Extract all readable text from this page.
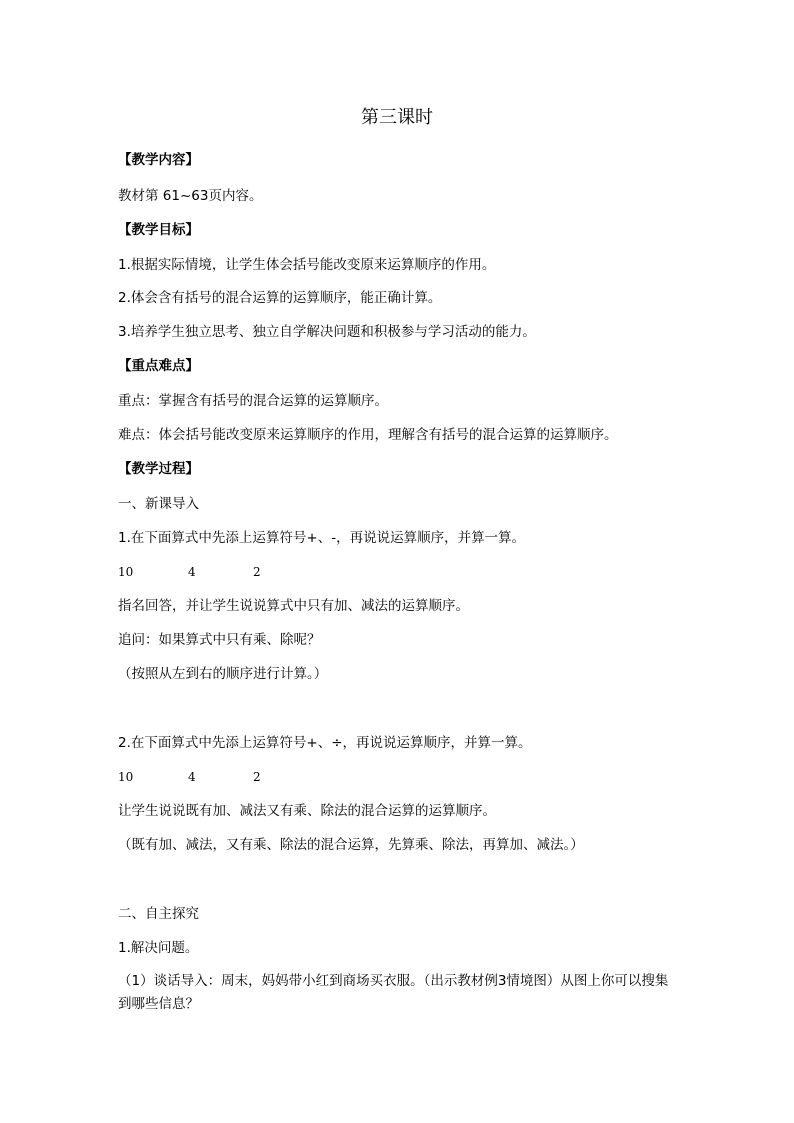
第三课时
【教学内容】
教材第 61~63页内容。
【教学目标】
1.根据实际情境，让学生体会括号能改变原来运算顺序的作用。
2.体会含有括号的混合运算的运算顺序，能正确计算。
3.培养学生独立思考、独立自学解决问题和积极参与学习活动的能力。
【重点难点】
重点：掌握含有括号的混合运算的运算顺序。
难点：体会括号能改变原来运算顺序的作用，理解含有括号的混合运算的运算顺序。
【教学过程】
一、新课导入
1.在下面算式中先添上运算符号+、-，再说说运算顺序，并算一算。
10	4	2
指名回答，并让学生说说算式中只有加、减法的运算顺序。
追问：如果算式中只有乘、除呢？
（按照从左到右的顺序进行计算。）
2.在下面算式中先添上运算符号+、÷，再说说运算顺序，并算一算。
10	4	2
让学生说说既有加、减法又有乘、除法的混合运算的运算顺序。
（既有加、减法，又有乘、除法的混合运算，先算乘、除法，再算加、减法。）
二、自主探究
1.解决问题。
（1）谈话导入：周末，妈妈带小红到商场买衣服。（出示教材例3情境图）从图上你可以搜集到哪些信息？
